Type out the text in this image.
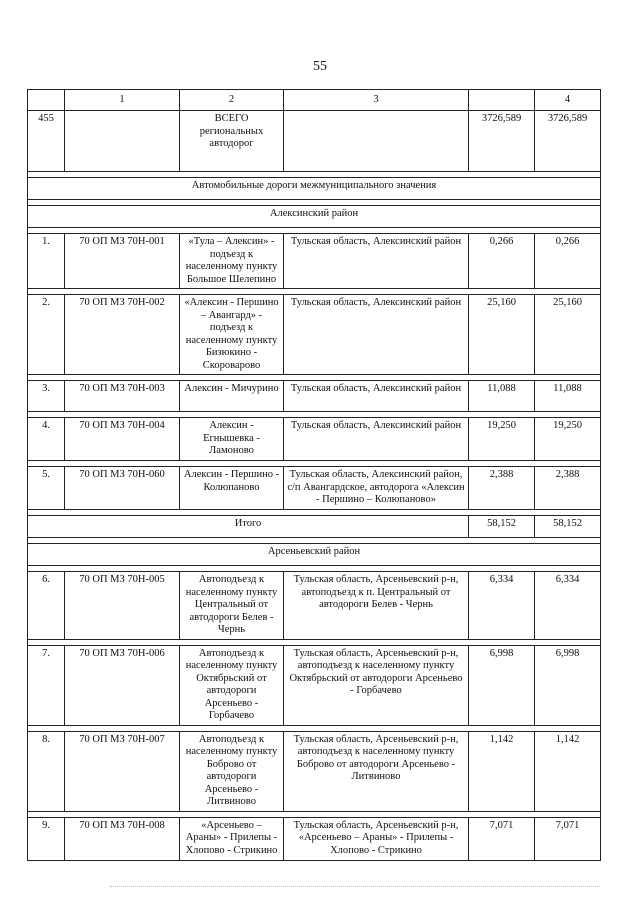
55
	1	2	3		4
455		ВСЕГО региональных автодорог		3726,589	3726,589

Автомобильные дороги межмуниципального значения					

Алексинский район					

1.	70 ОП МЗ 70Н-001	«Тула – Алексин» - подъезд к населенному пункту Большое Шелепино	Тульская область, Алексинский район	0,266	0,266

2.	70 ОП МЗ 70Н-002	«Алексин - Першино – Авангард» - подъезд к населенному пункту Бизюкино - Скороварово	Тульская область, Алексинский район	25,160	25,160

3.	70 ОП МЗ 70Н-003	Алексин - Мичурино	Тульская область, Алексинский район	11,088	11,088

4.	70 ОП МЗ 70Н-004	Алексин - Егнышевка - Ламоново	Тульская область, Алексинский район	19,250	19,250

5.	70 ОП МЗ 70Н-060	Алексин - Першино - Колюпаново	Тульская область, Алексинский район, с/п Авангардское, автодорога «Алексин - Першино – Колюпаново»	2,388	2,388

Итого				58,152	58,152

Арсеньевский район					

6.	70 ОП МЗ 70Н-005	Автоподъезд к населенному пункту Центральный от автодороги Белев - Чернь	Тульская область, Арсеньевский р-н, автоподъезд к п. Центральный от автодороги Белев - Чернь	6,334	6,334

7.	70 ОП МЗ 70Н-006	Автоподъезд к населенному пункту Октябрьский от автодороги Арсеньево - Горбачево	Тульская область, Арсеньевский р-н, автоподъезд к населенному пункту Октябрьский от автодороги Арсеньево - Горбачево	6,998	6,998

8.	70 ОП МЗ 70Н-007	Автоподъезд к населенному пункту Боброво от автодороги Арсеньево - Литвиново	Тульская область, Арсеньевский р-н, автоподъезд к населенному пункту Боброво от автодороги Арсеньево - Литвиново	1,142	1,142

9.	70 ОП МЗ 70Н-008	«Арсеньево – Араны» - Прилепы - Хлопово - Стрикино	Тульская область, Арсеньевский р-н, «Арсеньево – Араны» - Прилепы - Хлопово - Стрикино	7,071	7,071
